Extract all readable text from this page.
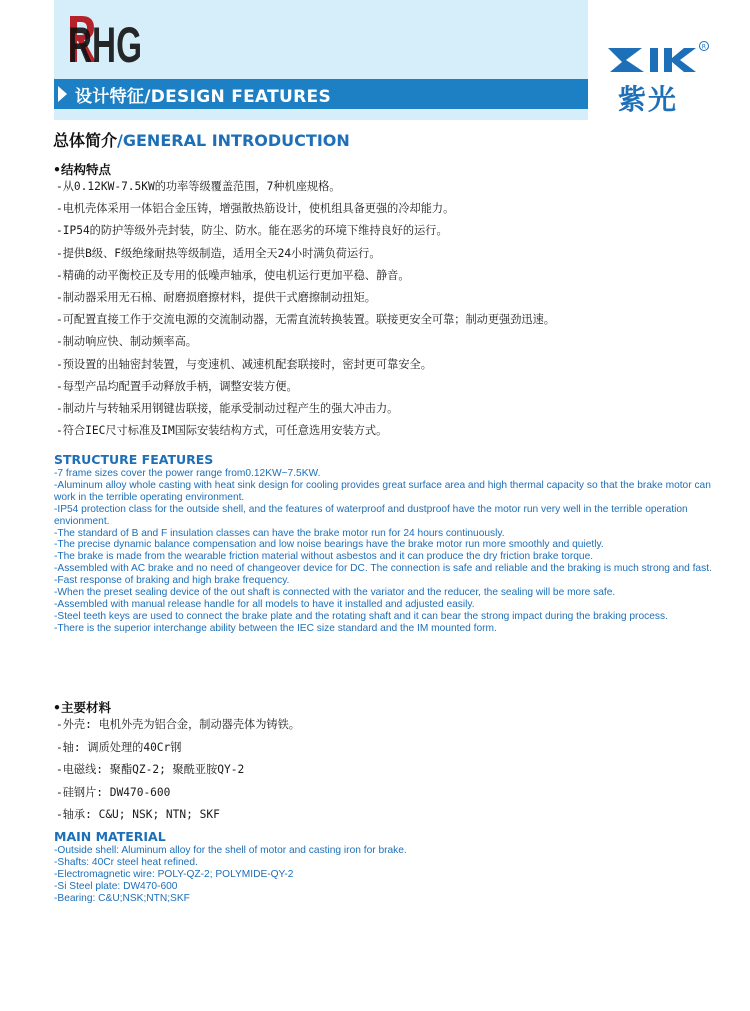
RHG
设计特征/DESIGN FEATURES
R
紫光
总体简介/GENERAL INTRODUCTION
•结构特点
-从0.12KW-7.5KW的功率等级覆盖范围，7种机座规格。
-电机壳体采用一体铝合金压铸，增强散热筋设计，使机组具备更强的冷却能力。
-IP54的防护等级外壳封装，防尘、防水。能在恶劣的环境下维持良好的运行。
-提供B级、F级绝缘耐热等级制造，适用全天24小时满负荷运行。
-精确的动平衡校正及专用的低噪声轴承，使电机运行更加平稳、静音。
-制动器采用无石棉、耐磨损磨擦材料，提供干式磨擦制动扭矩。
-可配置直接工作于交流电源的交流制动器，无需直流转换装置。联接更安全可靠；制动更强劲迅速。
-制动响应快、制动频率高。
-预设置的出轴密封装置，与变速机、减速机配套联接时，密封更可靠安全。
-每型产品均配置手动释放手柄，调整安装方便。
-制动片与转轴采用钢键齿联接，能承受制动过程产生的强大冲击力。
-符合IEC尺寸标准及IM国际安装结构方式，可任意选用安装方式。
STRUCTURE FEATURES
-7 frame sizes cover the power range from0.12KW~7.5KW.
-Aluminum alloy whole casting with heat sink design for cooling provides great surface area and high thermal capacity so that the brake motor can work in the terrible operating environment.
-IP54 protection class for the outside shell, and the features of waterproof and dustproof have the motor run very well in the terrible operation envionment.
-The standard of B and F insulation classes can have the brake motor run for 24 hours continuously.
-The precise dynamic balance compensation and low noise bearings have the brake motor run more smoothly and quietly.
-The brake is made from the wearable friction material without asbestos and it can produce the dry friction brake torque.
-Assembled with AC brake and no need of changeover device for DC. The connection is safe and reliable and the braking is much strong and fast.
-Fast response of braking and high brake frequency.
-When the preset sealing device of the out shaft is connected with the variator and the reducer, the sealing will be more safe.
-Assembled with manual release handle for all models to have it installed and adjusted easily.
-Steel teeth keys are used to connect the brake plate and the rotating shaft and it can bear the strong impact during the braking process.
-There is the superior interchange ability between the IEC size standard and the IM mounted form.
•主要材料
-外壳: 电机外壳为铝合金，制动器壳体为铸铁。
-轴: 调质处理的40Cr钢
-电磁线: 聚酯QZ-2; 聚酰亚胺QY-2
-硅钢片: DW470-600
-轴承: C&U; NSK; NTN; SKF
MAIN MATERIAL
-Outside shell: Aluminum alloy for the shell of motor and casting iron for brake.
-Shafts: 40Cr steel heat refined.
-Electromagnetic wire: POLY-QZ-2; POLYMIDE-QY-2
-Si Steel plate: DW470-600
-Bearing: C&U;NSK;NTN;SKF
